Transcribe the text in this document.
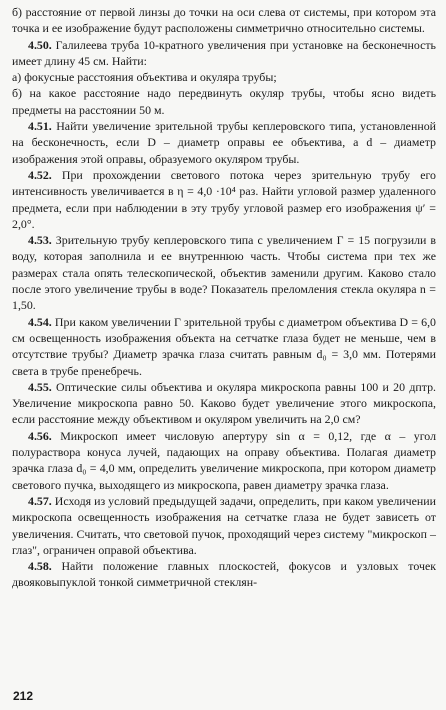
б) расстояние от первой линзы до точки на оси слева от системы, при котором эта точка и ее изображение будут расположены симметрично относительно системы.

4.50. Галилеева труба 10-кратного увеличения при установке на бесконечность имеет длину 45 см. Найти:

а) фокусные расстояния объектива и окуляра трубы;

б) на какое расстояние надо передвинуть окуляр трубы, чтобы ясно видеть предметы на расстоянии 50 м.

4.51. Найти увеличение зрительной трубы кеплеровского типа, установленной на бесконечность, если D – диаметр оправы ее объектива, а d – диаметр изображения этой оправы, образуемого окуляром трубы.

4.52. При прохождении светового потока через зрительную трубу его интенсивность увеличивается в η = 4,0 ·10⁴ раз. Найти угловой размер удаленного предмета, если при наблюдении в эту трубу угловой размер его изображения ψ′ = 2,0°.

4.53. Зрительную трубу кеплеровского типа с увеличением Γ = 15 погрузили в воду, которая заполнила и ее внутреннюю часть. Чтобы система при тех же размерах стала опять телескопической, объектив заменили другим. Каково стало после этого увеличение трубы в воде? Показатель преломления стекла окуляра n = 1,50.

4.54. При каком увеличении Γ зрительной трубы с диаметром объектива D = 6,0 см освещенность изображения объекта на сетчатке глаза будет не меньше, чем в отсутствие трубы? Диаметр зрачка глаза считать равным d₀ = 3,0 мм. Потерями света в трубе пренебречь.

4.55. Оптические силы объектива и окуляра микроскопа равны 100 и 20 дптр. Увеличение микроскопа равно 50. Каково будет увеличение этого микроскопа, если расстояние между объективом и окуляром увеличить на 2,0 см?

4.56. Микроскоп имеет числовую апертуру sin α = 0,12, где α – угол полураствора конуса лучей, падающих на оправу объектива. Полагая диаметр зрачка глаза d₀ = 4,0 мм, определить увеличение микроскопа, при котором диаметр светового пучка, выходящего из микроскопа, равен диаметру зрачка глаза.

4.57. Исходя из условий предыдущей задачи, определить, при каком увеличении микроскопа освещенность изображения на сетчатке глаза не будет зависеть от увеличения. Считать, что световой пучок, проходящий через систему "микроскоп – глаз", ограничен оправой объектива.

4.58. Найти положение главных плоскостей, фокусов и узловых точек двояковыпуклой тонкой симметричной стеклян-

212
